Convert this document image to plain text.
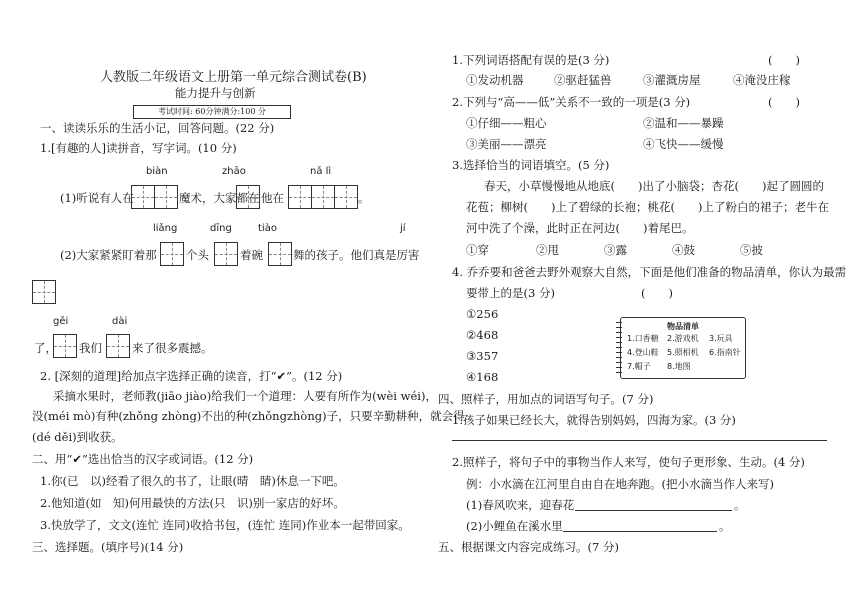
人教版二年级语文上册第一单元综合测试卷(B)
能力提升与创新
考试时间: 60分钟满分:100 分
一、读读乐乐的生活小记，回答问题。(22 分)
1.[有趣的人]读拼音，写字词。(10 分)
biàn	zhāo	nǎ lì
(1)听说有人在	魔术，大家都在 他在	。
liǎng	dīng	tiào	jí
(2)大家紧紧盯着那	个头	着碗	舞的孩子。他们真是厉害
gěi	dài
了， 我们	来了很多震撼。
2. [深刻的道理]给加点字选择正确的读音，打“✔”。(12 分)
采摘水果时，老师教(jiāo jiào)给我们一个道理：人要有所作为(wèi wéi)，
没(méi mò)有种(zhǒng zhòng)不出的种(zhǒngzhòng)子，只要辛勤耕种，就会得
(dé děi)到收获。
二、用“✔”选出恰当的汉字或词语。(12 分)
1.你(已　以)经看了很久的书了，让眼(晴　睛)休息一下吧。
2.他知道(如　知)何用最快的方法(只　识)别一家店的好坏。
3.快放学了，文文(连忙 连同)收拾书包，(连忙 连同)作业本一起带回家。
三、选择题。(填序号)(14 分)
1.下列词语搭配有误的是(3 分)	(　　)
①发动机器	②驱赶猛兽	③灌溉房屋	④淹没庄稼
2.下列与“高——低”关系不一致的一项是(3 分)	(　　)
①仔细——粗心	②温和——暴躁
③美丽——漂亮	④飞快——缓慢
3.选择恰当的词语填空。(5 分)
春天，小草慢慢地从地底(　　)出了小脑袋；杏花(　　)起了圆圆的
花苞；柳树(　　)上了碧绿的长袍；桃花(　　)上了粉白的裙子；老牛在
河中洗了个澡，此时正在河边(　　)着尾巴。
①穿	②甩	③露	④鼓	⑤披
4. 乔乔要和爸爸去野外观察大自然，下面是他们准备的物品清单，你认为最需
要带上的是(3 分)	(　　)
①256
②468
③357
④168
物品清单
1.口香糖 2.游戏机 3.玩具
4.登山鞋 5.照相机 6.指南针
7.帽子 8.地图
四、照样子，用加点的词语写句子。(7 分)
1.孩子如果已经长大，就得告别妈妈，四海为家。(3 分)
2.照样子，将句子中的事物当作人来写，使句子更形象、生动。(4 分)
例：小水滴在江河里自由自在地奔跑。(把小水滴当作人来写)
(1)春风吹来，迎春花	。
(2)小鲤鱼在溪水里	。
五、根据课文内容完成练习。(7 分)
